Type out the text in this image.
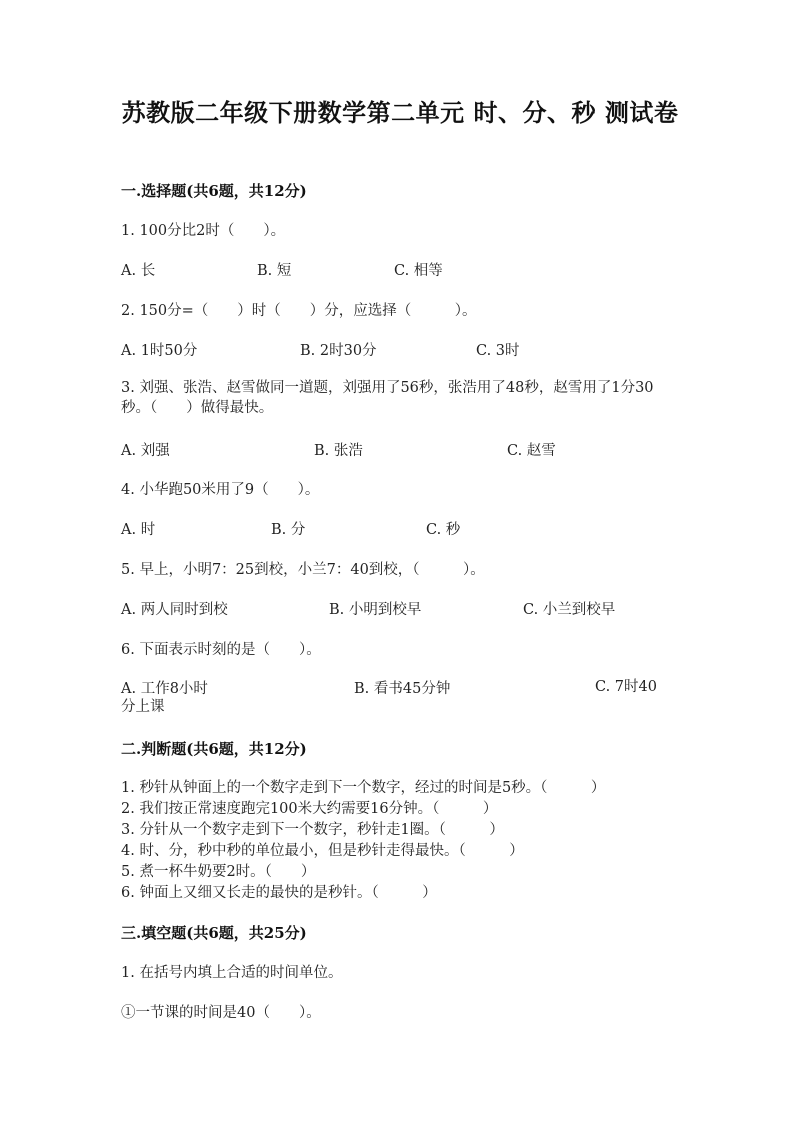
苏教版二年级下册数学第二单元 时、分、秒 测试卷
一.选择题(共6题，共12分)
1. 100分比2时（　　）。
A. 长	B. 短	C. 相等
2. 150分=（　　）时（　　）分，应选择（　　　）。
A. 1时50分	B. 2时30分	C. 3时
3. 刘强、张浩、赵雪做同一道题，刘强用了56秒，张浩用了48秒，赵雪用了1分30秒。（　　）做得最快。
A. 刘强	B. 张浩	C. 赵雪
4. 小华跑50米用了9（　　）。
A. 时	B. 分	C. 秒
5. 早上，小明7：25到校，小兰7：40到校，（　　　）。
A. 两人同时到校	B. 小明到校早	C. 小兰到校早
6. 下面表示时刻的是（　　）。
A. 工作8小时	B. 看书45分钟	C. 7时40分上课
二.判断题(共6题，共12分)
1. 秒针从钟面上的一个数字走到下一个数字，经过的时间是5秒。（　　　）
2. 我们按正常速度跑完100米大约需要16分钟。（　　　）
3. 分针从一个数字走到下一个数字，秒针走1圈。（　　　）
4. 时、分，秒中秒的单位最小，但是秒针走得最快。（　　　）
5. 煮一杯牛奶要2时。（　　）
6. 钟面上又细又长走的最快的是秒针。（　　　）
三.填空题(共6题，共25分)
1. 在括号内填上合适的时间单位。
①一节课的时间是40（　　）。
